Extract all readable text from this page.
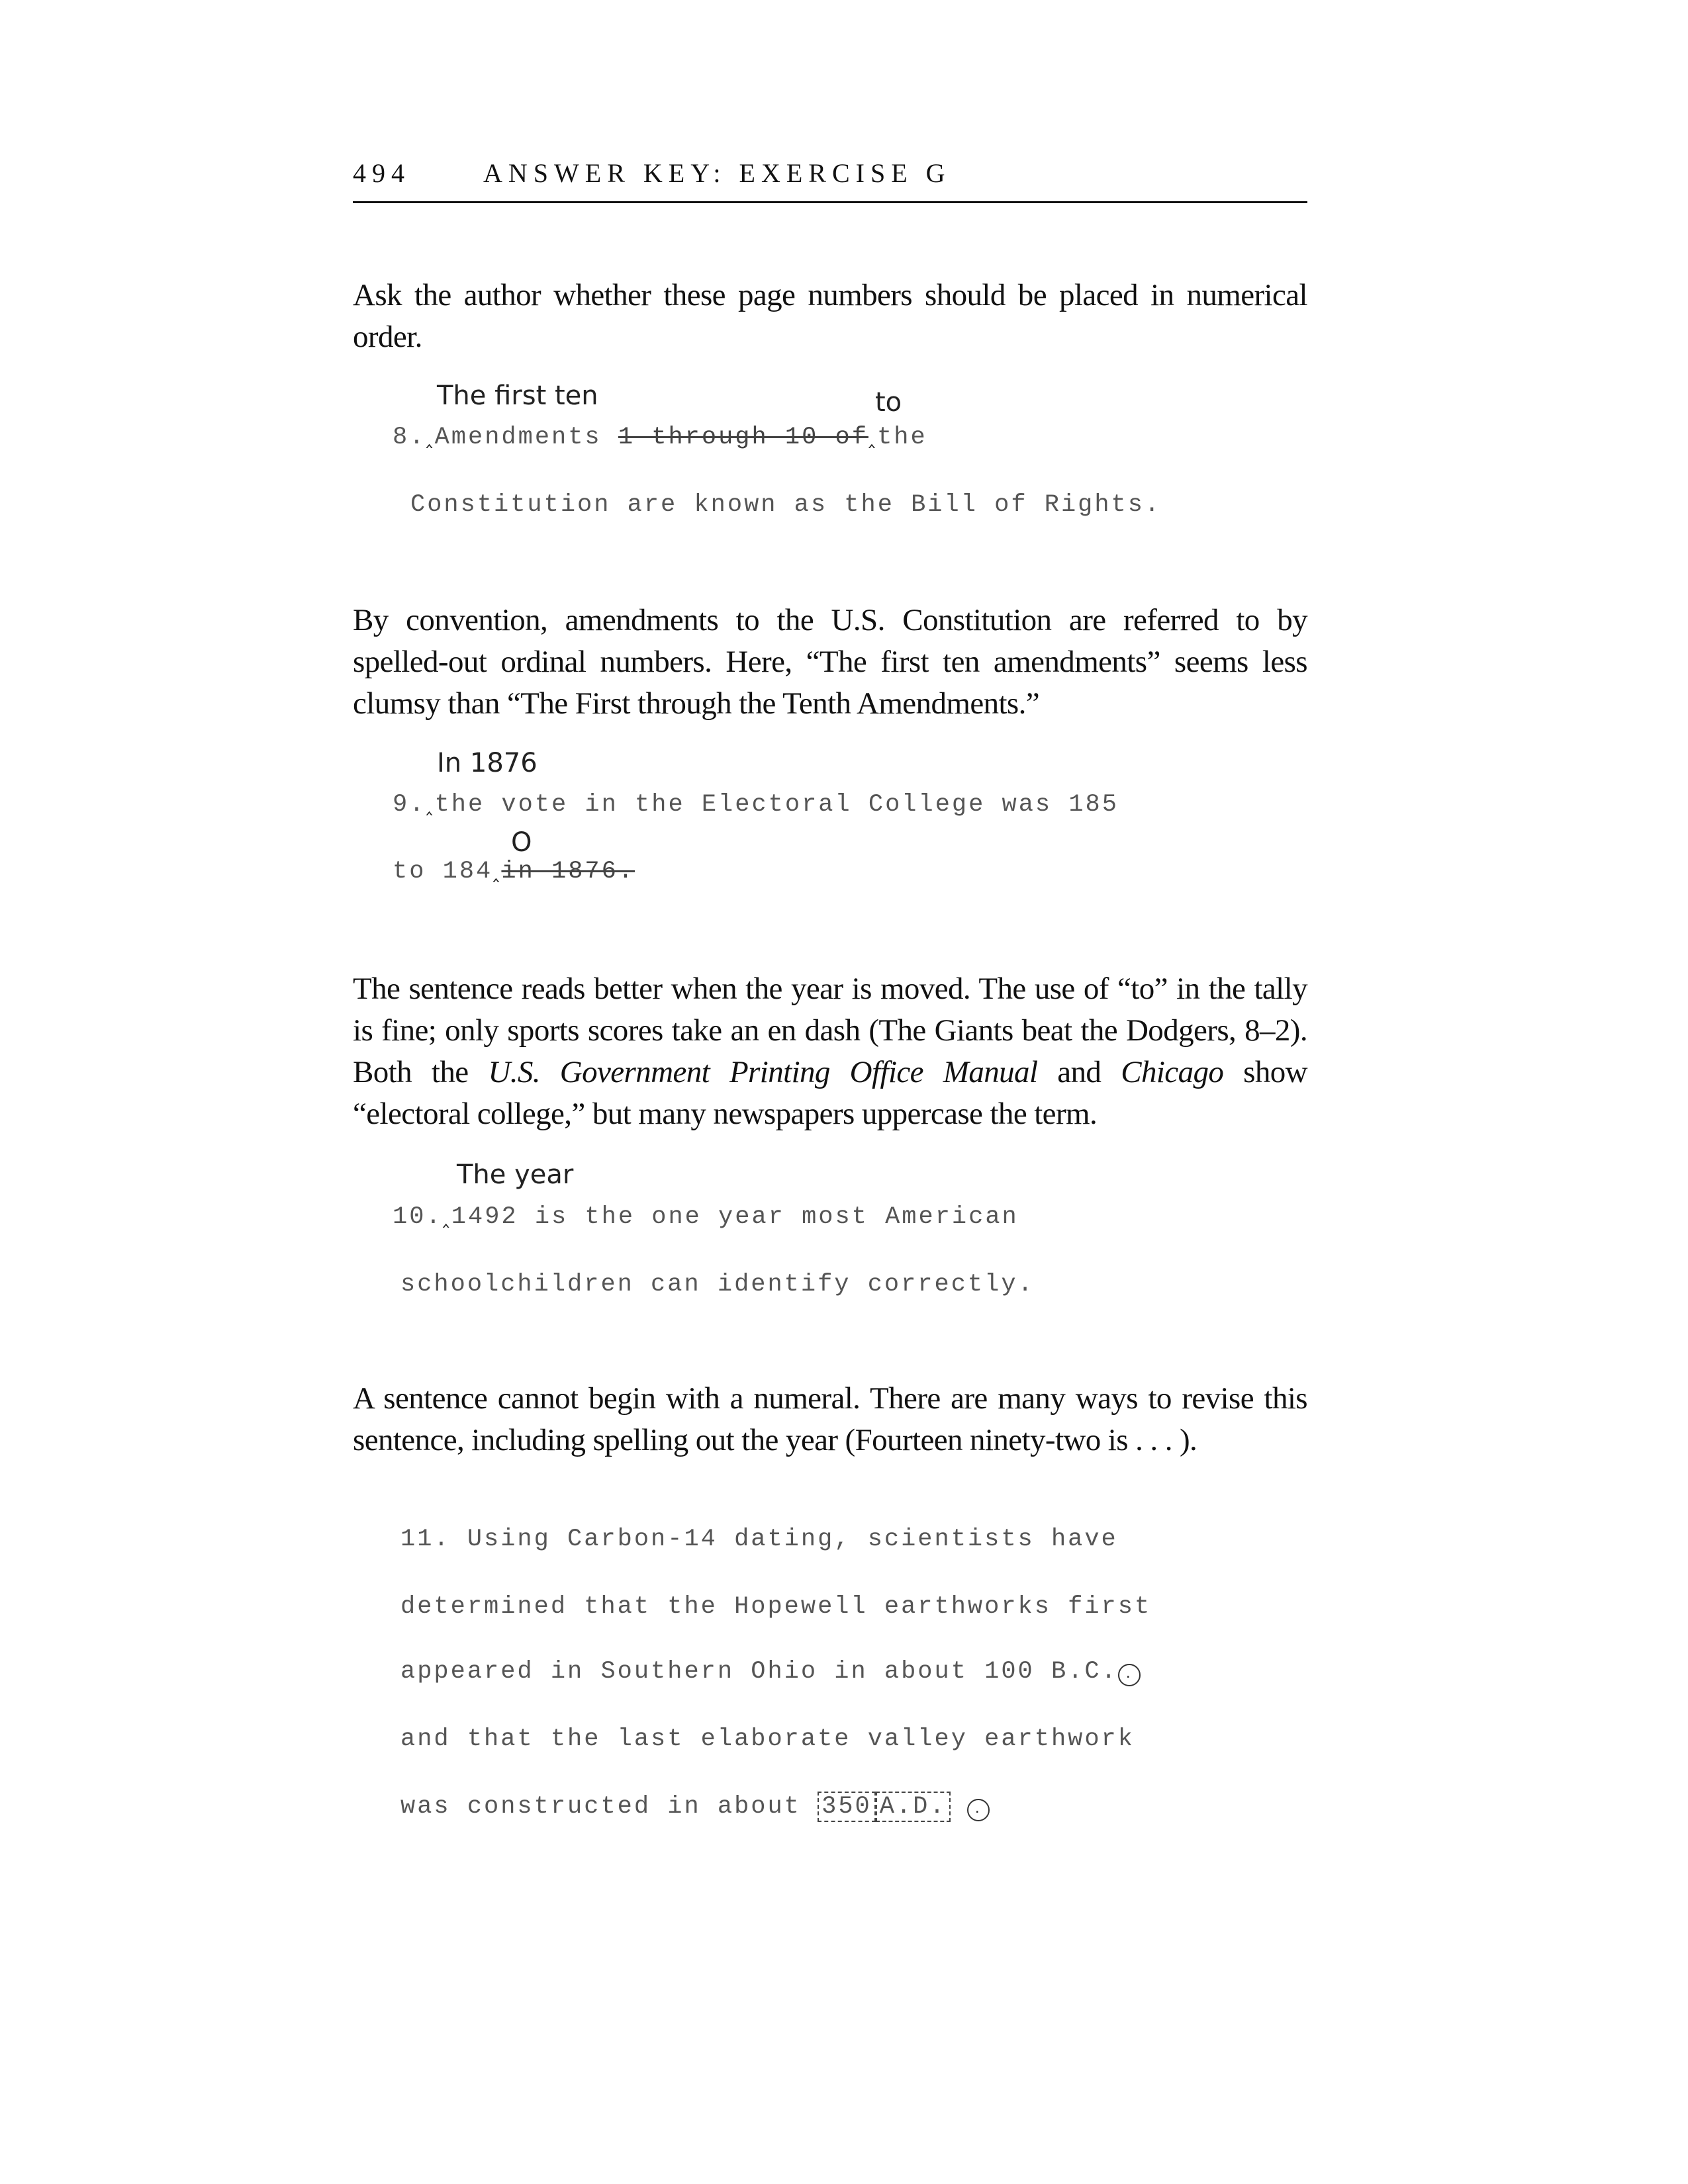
494	ANSWER KEY: EXERCISE G
Ask the author whether these page numbers should be placed in numerical order.
The first ten	to
8.‸Amendments 1 through 10 of‸the
Constitution are known as the Bill of Rights.
By convention, amendments to the U.S. Constitution are referred to by spelled-out ordinal numbers. Here, “The first ten amendments” seems less clumsy than “The First through the Tenth Amendments.”
In 1876
9.‸the vote in the Electoral College was 185
O
to 184‸in 1876.
The sentence reads better when the year is moved. The use of “to” in the tally is fine; only sports scores take an en dash (The Giants beat the Dodgers, 8–2). Both the U.S. Government Printing Office Manual and Chicago show “electoral college,” but many newspapers uppercase the term.
The year
10.‸1492 is the one year most American
schoolchildren can identify correctly.
A sentence cannot begin with a numeral. There are many ways to revise this sentence, including spelling out the year (Fourteen ninety-two is . . . ).
11. Using Carbon-14 dating, scientists have
determined that the Hopewell earthworks first
appeared in Southern Ohio in about 100 B.C. .
and that the last elaborate valley earthwork
was constructed in about 350 A.D. .
